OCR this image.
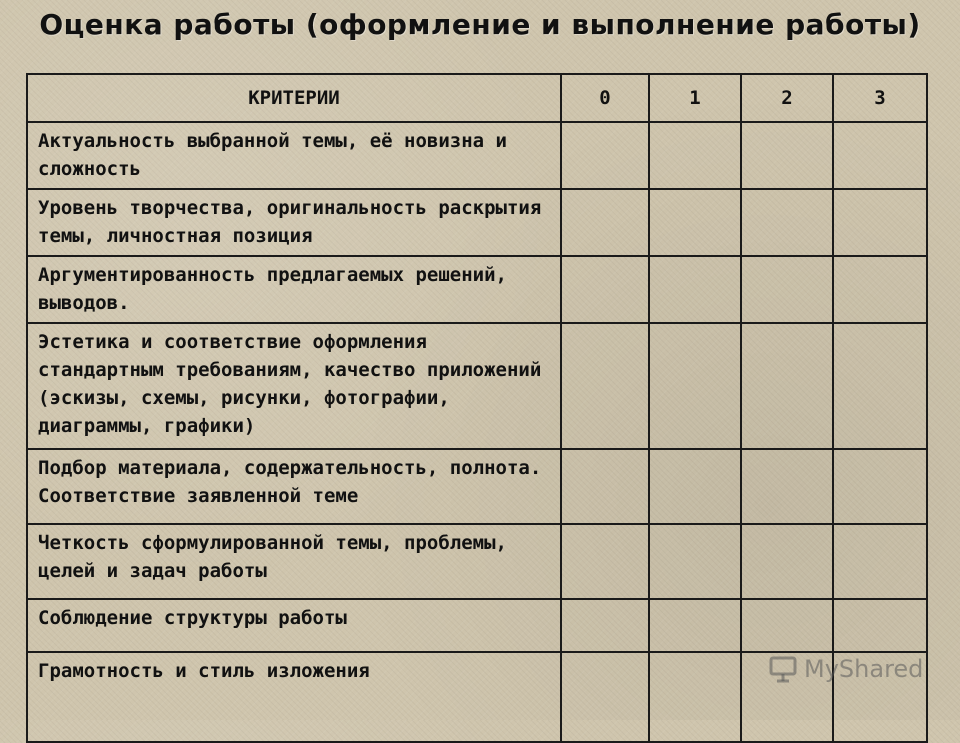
Оценка работы (оформление и выполнение работы)
КРИТЕРИИ	0	1	2	3
Актуальность выбранной темы, её новизна и сложность				
Уровень творчества, оригинальность раскрытия темы, личностная позиция				
Аргументированность предлагаемых решений, выводов.				
Эстетика и соответствие оформления стандартным требованиям, качество приложений (эскизы, схемы, рисунки, фотографии, диаграммы, графики)				
Подбор материала, содержательность, полнота. Соответствие заявленной теме				
Четкость сформулированной темы, проблемы, целей и задач работы				
Соблюдение структуры работы				
Грамотность и стиль изложения					MyShared
